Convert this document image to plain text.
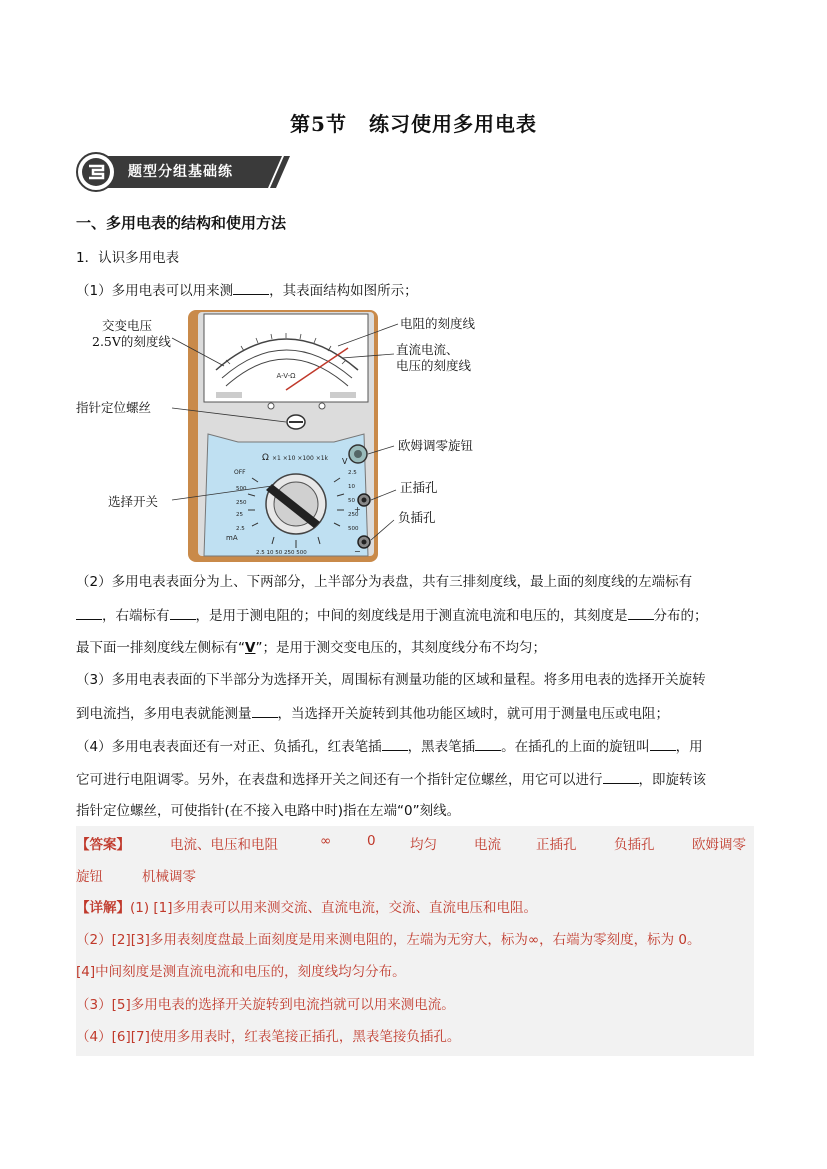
第5节 练习使用多用电表
题型分组基础练
一、多用电表的结构和使用方法
1．认识多用电表
（1）多用电表可以用来测	，其表面结构如图所示；
A-V-Ω
Ω ×1 ×10 ×100 ×1k
OFF
mA
V
2.5 10 50 250 500
500
250
25
2.5
2.5
10
50
250
500
+
−
交变电压
2.5V的刻度线
电阻的刻度线
直流电流、
电压的刻度线
指针定位螺丝
欧姆调零旋钮
选择开关
正插孔
负插孔
（2）多用电表表面分为上、下两部分，上半部分为表盘，共有三排刻度线，最上面的刻度线的左端标有
，右端标有 ，是用于测电阻的；中间的刻度线是用于测直流电流和电压的，其刻度是 分布的；
最下面一排刻度线左侧标有“V”；是用于测交变电压的，其刻度线分布不均匀；
（3）多用电表表面的下半部分为选择开关，周围标有测量功能的区域和量程。将多用电表的选择开关旋转
到电流挡，多用电表就能测量 ，当选择开关旋转到其他功能区域时，就可用于测量电压或电阻；
（4）多用电表表面还有一对正、负插孔，红表笔插 ，黑表笔插 。在插孔的上面的旋钮叫 ，用
它可进行电阻调零。另外，在表盘和选择开关之间还有一个指针定位螺丝，用它可以进行	，即旋转该
指针定位螺丝，可使指针(在不接入电路中时)指在左端“0”刻线。
【答案】	电流、电压和电阻	∞	0	均匀	电流	正插孔	负插孔	欧姆调零
旋钮	机械调零
【详解】(1) [1]多用表可以用来测交流、直流电流，交流、直流电压和电阻。
（2）[2][3]多用表刻度盘最上面刻度是用来测电阻的，左端为无穷大，标为∞，右端为零刻度，标为 0。
[4]中间刻度是测直流电流和电压的，刻度线均匀分布。
（3）[5]多用电表的选择开关旋转到电流挡就可以用来测电流。
（4）[6][7]使用多用表时，红表笔接正插孔，黑表笔接负插孔。
